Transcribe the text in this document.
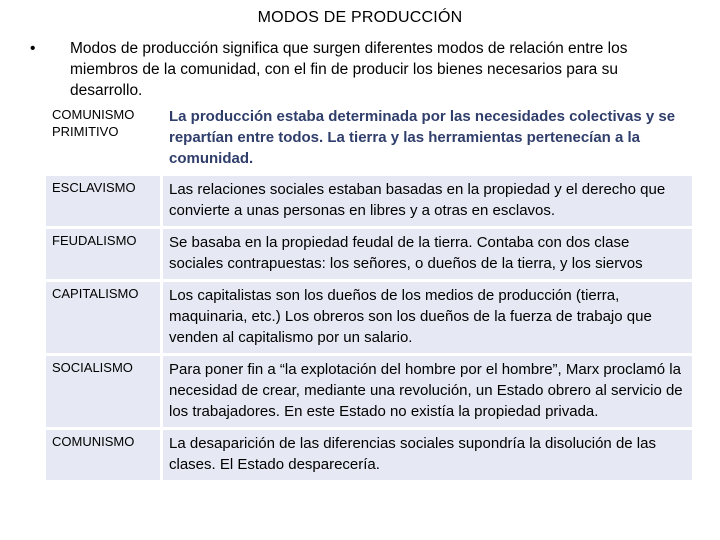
MODOS DE PRODUCCIÓN
• Modos de producción significa que surgen diferentes modos de relación entre los miembros de la comunidad, con el fin de producir los bienes necesarios para su desarrollo.
COMUNISMO PRIMITIVO	La producción estaba determinada por las necesidades colectivas y se repartían entre todos. La tierra y las herramientas pertenecían a la comunidad.
ESCLAVISMO	Las relaciones sociales estaban basadas en la propiedad y el derecho que convierte a unas personas en libres y a otras en esclavos.
FEUDALISMO	Se basaba en la propiedad feudal de la tierra. Contaba con dos clase sociales contrapuestas: los señores, o dueños de la tierra, y los siervos
CAPITALISMO	Los capitalistas son los dueños de los medios de producción (tierra, maquinaria, etc.) Los obreros son los dueños de la fuerza de trabajo que venden al capitalismo por un salario.
SOCIALISMO	Para poner fin a “la explotación del hombre por el hombre”, Marx proclamó la necesidad de crear, mediante una revolución, un Estado obrero al servicio de los trabajadores. En este Estado no existía la propiedad privada.
COMUNISMO	La desaparición de las diferencias sociales supondría la disolución de las clases. El Estado desparecería.
